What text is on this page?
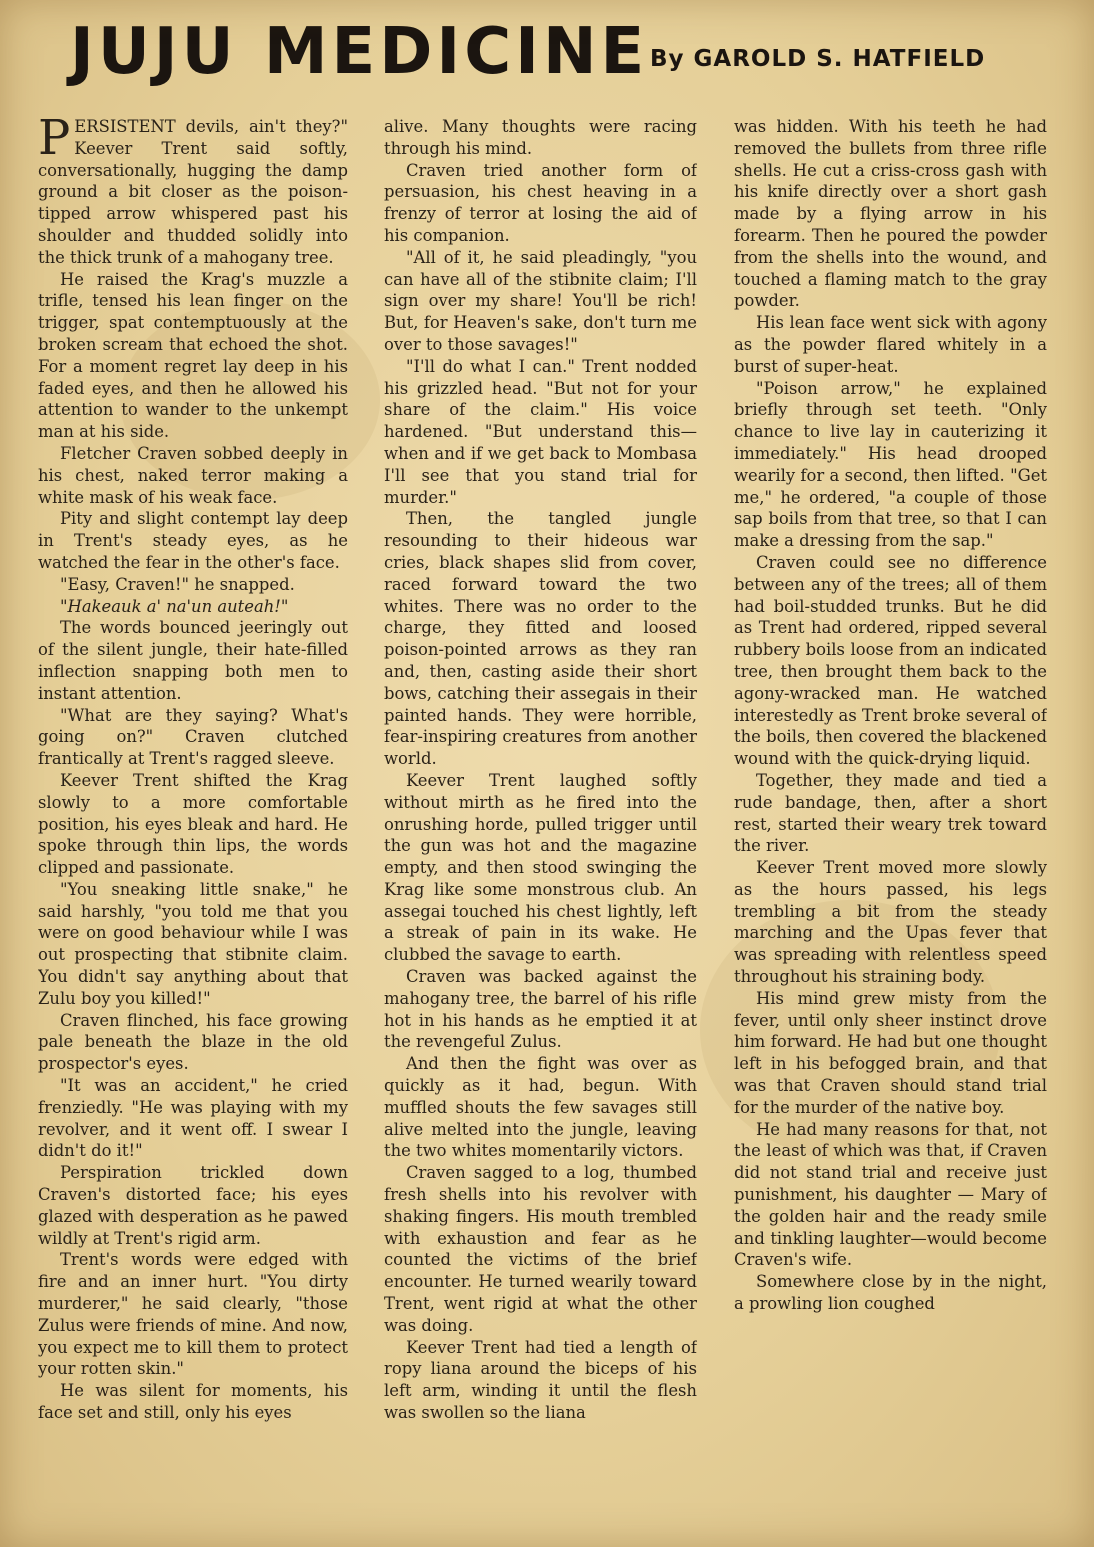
JUJU MEDICINE By GAROLD S. HATFIELD

PERSISTENT devils, ain't they?" Keever Trent said softly, conversationally, hugging the damp ground a bit closer as the poison-tipped arrow whispered past his shoulder and thudded solidly into the thick trunk of a mahogany tree.

He raised the Krag's muzzle a trifle, tensed his lean finger on the trigger, spat contemptuously at the broken scream that echoed the shot. For a moment regret lay deep in his faded eyes, and then he allowed his attention to wander to the unkempt man at his side.

Fletcher Craven sobbed deeply in his chest, naked terror making a white mask of his weak face.

Pity and slight contempt lay deep in Trent's steady eyes, as he watched the fear in the other's face.

"Easy, Craven!" he snapped.

"Hakeauk a' na'un auteah!"

The words bounced jeeringly out of the silent jungle, their hate-filled inflection snapping both men to instant attention.

"What are they saying? What's going on?" Craven clutched frantically at Trent's ragged sleeve.

Keever Trent shifted the Krag slowly to a more comfortable position, his eyes bleak and hard. He spoke through thin lips, the words clipped and passionate.

"You sneaking little snake," he said harshly, "you told me that you were on good behaviour while I was out prospecting that stibnite claim. You didn't say anything about that Zulu boy you killed!"

Craven flinched, his face growing pale beneath the blaze in the old prospector's eyes.

"It was an accident," he cried frenziedly. "He was playing with my revolver, and it went off. I swear I didn't do it!"

Perspiration trickled down Craven's distorted face; his eyes glazed with desperation as he pawed wildly at Trent's rigid arm.

Trent's words were edged with fire and an inner hurt. "You dirty murderer," he said clearly, "those Zulus were friends of mine. And now, you expect me to kill them to protect your rotten skin."

He was silent for moments, his face set and still, only his eyes

alive. Many thoughts were racing through his mind.

Craven tried another form of persuasion, his chest heaving in a frenzy of terror at losing the aid of his companion.

"All of it, he said pleadingly, "you can have all of the stibnite claim; I'll sign over my share! You'll be rich! But, for Heaven's sake, don't turn me over to those savages!"

"I'll do what I can." Trent nodded his grizzled head. "But not for your share of the claim." His voice hardened. "But understand this—when and if we get back to Mombasa I'll see that you stand trial for murder."

Then, the tangled jungle resounding to their hideous war cries, black shapes slid from cover, raced forward toward the two whites. There was no order to the charge, they fitted and loosed poison-pointed arrows as they ran and, then, casting aside their short bows, catching their assegais in their painted hands. They were horrible, fear-inspiring creatures from another world.

Keever Trent laughed softly without mirth as he fired into the onrushing horde, pulled trigger until the gun was hot and the magazine empty, and then stood swinging the Krag like some monstrous club. An assegai touched his chest lightly, left a streak of pain in its wake. He clubbed the savage to earth.

Craven was backed against the mahogany tree, the barrel of his rifle hot in his hands as he emptied it at the revengeful Zulus.

And then the fight was over as quickly as it had, begun. With muffled shouts the few savages still alive melted into the jungle, leaving the two whites momentarily victors.

Craven sagged to a log, thumbed fresh shells into his revolver with shaking fingers. His mouth trembled with exhaustion and fear as he counted the victims of the brief encounter. He turned wearily toward Trent, went rigid at what the other was doing.

Keever Trent had tied a length of ropy liana around the biceps of his left arm, winding it until the flesh was swollen so the liana

was hidden. With his teeth he had removed the bullets from three rifle shells. He cut a criss-cross gash with his knife directly over a short gash made by a flying arrow in his forearm. Then he poured the powder from the shells into the wound, and touched a flaming match to the gray powder.

His lean face went sick with agony as the powder flared whitely in a burst of super-heat.

"Poison arrow," he explained briefly through set teeth. "Only chance to live lay in cauterizing it immediately." His head drooped wearily for a second, then lifted. "Get me," he ordered, "a couple of those sap boils from that tree, so that I can make a dressing from the sap."

Craven could see no difference between any of the trees; all of them had boil-studded trunks. But he did as Trent had ordered, ripped several rubbery boils loose from an indicated tree, then brought them back to the agony-wracked man. He watched interestedly as Trent broke several of the boils, then covered the blackened wound with the quick-drying liquid.

Together, they made and tied a rude bandage, then, after a short rest, started their weary trek toward the river.

Keever Trent moved more slowly as the hours passed, his legs trembling a bit from the steady marching and the Upas fever that was spreading with relentless speed throughout his straining body.

His mind grew misty from the fever, until only sheer instinct drove him forward. He had but one thought left in his befogged brain, and that was that Craven should stand trial for the murder of the native boy.

He had many reasons for that, not the least of which was that, if Craven did not stand trial and receive just punishment, his daughter — Mary of the golden hair and the ready smile and tinkling laughter—would become Craven's wife.

Somewhere close by in the night, a prowling lion coughed
